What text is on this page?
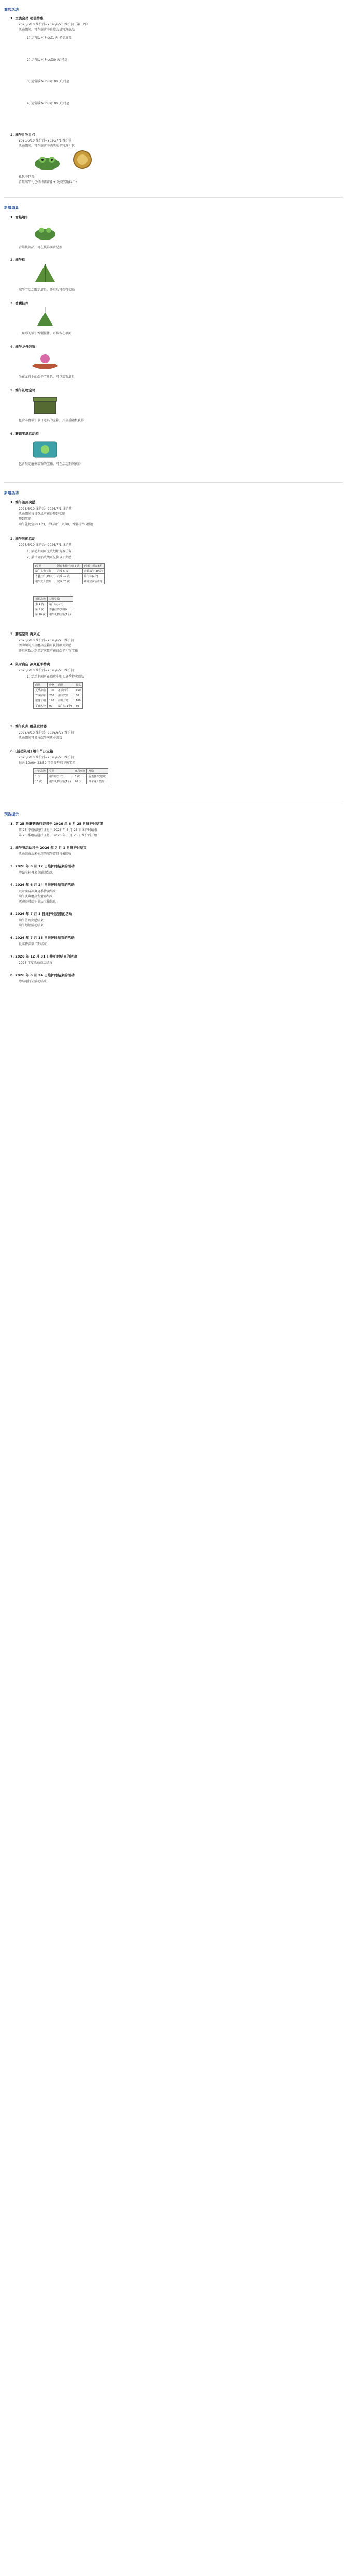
商店活动
1. 贵族会员 超值特惠
2026/6/10 维护后~2026/6/23 维护前（第二周）
活动期间，可在商店中贵族会员特惠商品
1) 运营版本 Plus(1 天)特惠商品
2) 运营版本 Plus(30 天)特惠
3) 运营版本 Plus(100 天)特惠
4) 运营版本 Plus(100 天)特惠
2. 端午礼物礼包
2026/6/10 维护后~2026/7/1 维护前
活动期间，可在商店中购买端午特惠礼包
礼包中包含：
青蛙端午礼包(限领取的) + 免费奖励(1个)
新增道具
1. 青蛙端午
青蛙装饰品，可在装饰商店兑换
2. 端午粽
端午节活动限定道具，开启后可获得奖励
3. 香囊挂件
三角形的端午香囊挂件，可装备在墙面
4. 端午龙舟装饰
坐在龙舟上的端午节角色，可以装饰道具
5. 端午礼物宝箱
包含丰富端午节日道具的宝箱，开启后随机获得
6. 蘑菇宝满活动箱
包含限定蘑菇装饰的宝箱，可在活动期间获得
新增活动
1. 端午签到奖励
2026/6/10 维护后~2026/7/1 维护前
活动期间每日登录可获得签到奖励
签到奖励：
端午礼物宝箱(1个)，青蛙端午(限期)，香囊挂件(限期)
2. 端午划船活动
2026/6/10 维护后~2026/7/1 维护前
1) 活动期间可完成划船竞赛任务
2) 累计划船成绩可兑换以下奖励
[奖励]	领取条件(完成 5 次)	[奖励] 领取条件
端午礼物宝箱	完成 5 次	青蛙端午(30天)
香囊挂件(30天)	完成 10 次	端午粽(1个)
端午龙舟装饰	完成 20 次	蘑菇宝满活动箱
划船次数	获得奖励
第 1 次	端午粽(1个)
第 5 次	香囊挂件(限期)
第 10 次	端午礼物宝箱(1个)
3. 蘑菇宝箱 再来点
2026/6/10 维护后~2026/6/25 维护前
活动期间开启蘑菇宝箱可获得额外奖励
开启次数达到指定次数可获得端午礼物宝箱
4. 限时商店 凉爽夏季特卖
2026/6/10 维护后~2026/6/25 维护前
1) 活动期间可在商店中购买夏季特卖商品
商品	价格	商品	价格
夏季凉扇	100	冰镇西瓜	150
竹编凉席	200	清凉饮品	80
避暑草帽	120	荷叶灯笼	160
夏日风铃	90	端午粽(1个)	50
5. 端午庆典 蘑菇发射器
2026/6/10 维护后~2026/6/25 维护前
活动期间可参与端午庆典小游戏
6. [活动限时] 端午节庆宝箱
2026/6/10 维护后~2026/6/25 维护前
每天 10:00~23:59 可免费开启节庆宝箱
开启次数	奖励	开启次数	奖励
1 次	端午粽(1个)	5 次	香囊挂件(限期)
10 次	端午礼物宝箱(1个)	20 次	端午龙舟装饰
预告提示
1. 第 25 季蘑菇通行证将于 2026 年 6 月 25 日维护时结束
第 25 季蘑菇通行证将于 2026 年 6 月 25 日维护时结束
第 26 季蘑菇通行证将于 2026 年 6 月 25 日维护后开始
2. 端午节活动将于 2026 年 7 月 1 日维护时结束
活动结束后未使用的端午道具将被回收
3. 2026 年 6 月 17 日维护时结束的活动
蘑菇宝箱再来点活动结束
4. 2026 年 6 月 24 日维护时结束的活动
限时商店凉爽夏季特卖结束
端午庆典蘑菇发射器结束
活动限时端午节庆宝箱结束
5. 2026 年 7 月 1 日维护时结束的活动
端午签到奖励结束
端午划船活动结束
6. 2026 年 7 月 15 日维护时结束的活动
夏季特卖第二期结束
7. 2026 年 12 月 31 日维护时结束的活动
2026 年度活动商店结束
8. 2026 年 6 月 24 日维护时结束的活动
蘑菇通行证活动结束
